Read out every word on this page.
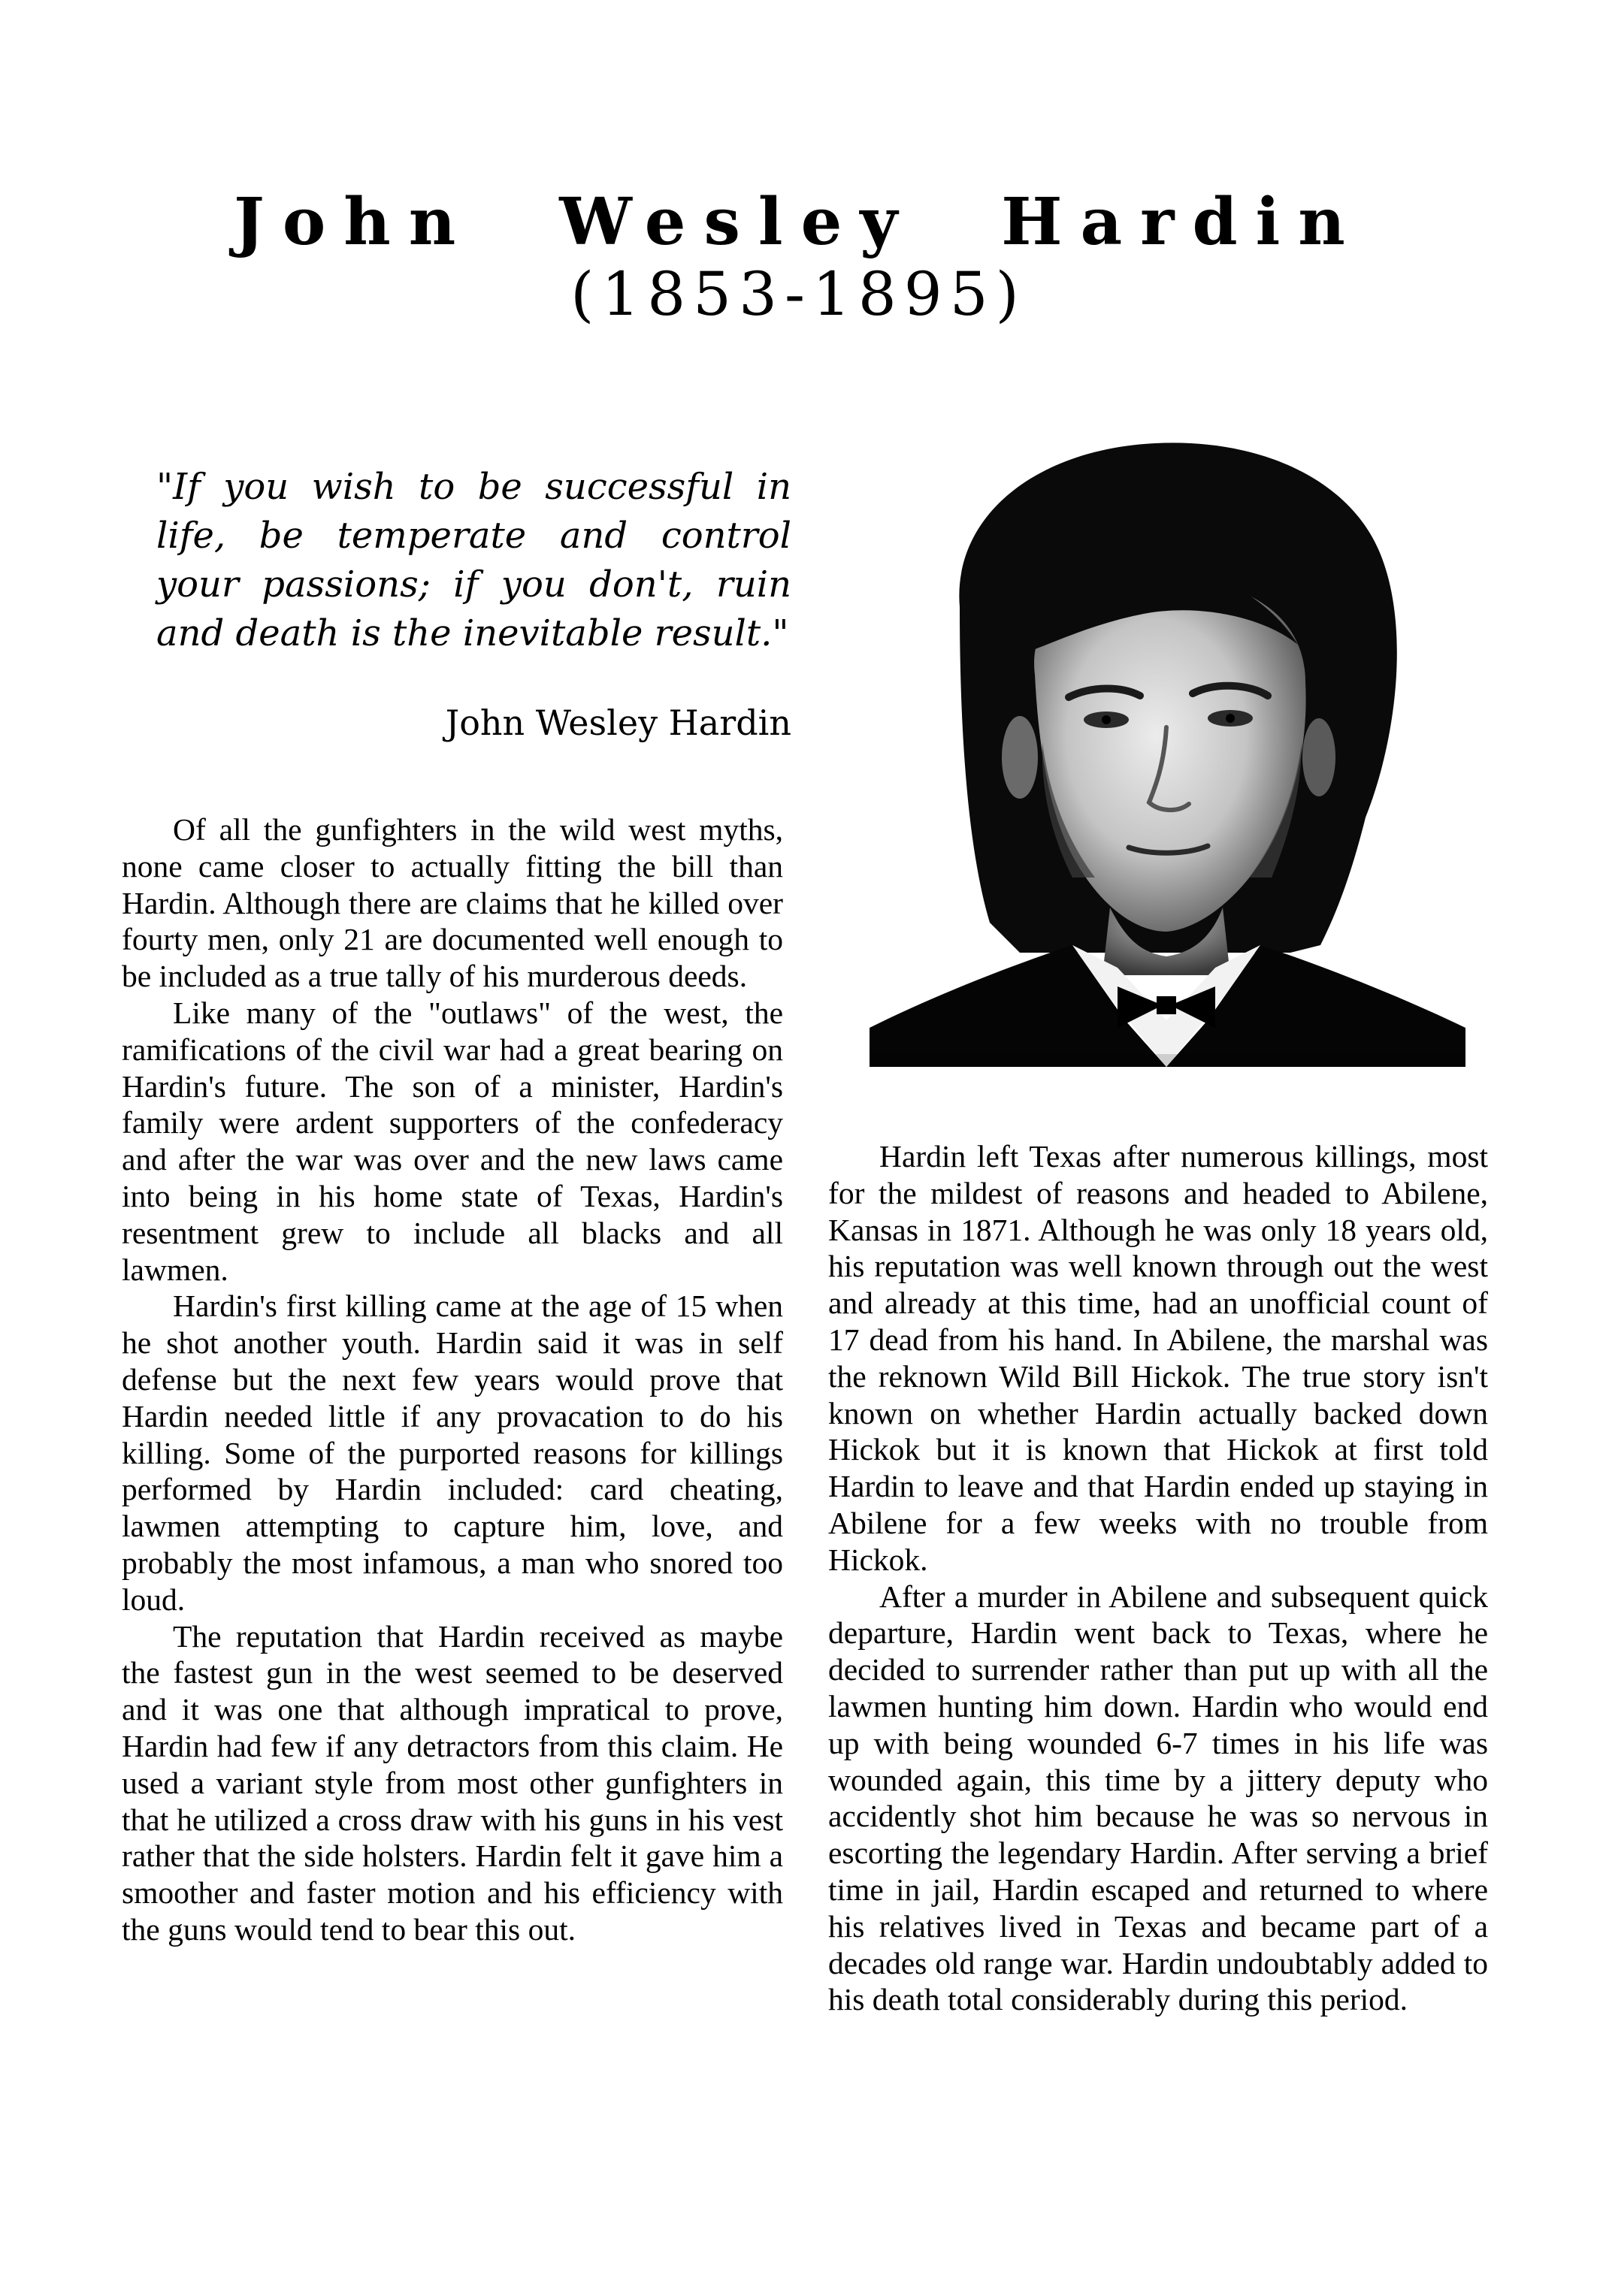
John Wesley Hardin
(1853-1895)

"If you wish to be successful in life, be temperate and control your passions; if you don't, ruin and death is the inevitable result."

John Wesley Hardin

Of all the gunfighters in the wild west myths, none came closer to actually fitting the bill than Hardin. Although there are claims that he killed over fourty men, only 21 are documented well enough to be included as a true tally of his murderous deeds.

Like many of the "outlaws" of the west, the ramifications of the civil war had a great bearing on Hardin's future. The son of a minister, Hardin's family were ardent supporters of the confederacy and after the war was over and the new laws came into being in his home state of Texas, Hardin's resentment grew to include all blacks and all lawmen.

Hardin's first killing came at the age of 15 when he shot another youth. Hardin said it was in self defense but the next few years would prove that Hardin needed little if any provacation to do his killing. Some of the purported reasons for killings performed by Hardin included: card cheating, lawmen attempting to capture him, love, and probably the most infamous, a man who snored too loud.

The reputation that Hardin received as maybe the fastest gun in the west seemed to be deserved and it was one that although impratical to prove, Hardin had few if any detractors from this claim. He used a variant style from most other gunfighters in that he utilized a cross draw with his guns in his vest rather that the side holsters. Hardin felt it gave him a smoother and faster motion and his efficiency with the guns would tend to bear this out.

Hardin left Texas after numerous killings, most for the mildest of reasons and headed to Abilene, Kansas in 1871. Although he was only 18 years old, his reputation was well known through out the west and already at this time, had an unofficial count of 17 dead from his hand. In Abilene, the marshal was the reknown Wild Bill Hickok. The true story isn't known on whether Hardin actually backed down Hickok but it is known that Hickok at first told Hardin to leave and that Hardin ended up staying in Abilene for a few weeks with no trouble from Hickok.

After a murder in Abilene and subsequent quick departure, Hardin went back to Texas, where he decided to surrender rather than put up with all the lawmen hunting him down. Hardin who would end up with being wounded 6-7 times in his life was wounded again, this time by a jittery deputy who accidently shot him because he was so nervous in escorting the legendary Hardin. After serving a brief time in jail, Hardin escaped and returned to where his relatives lived in Texas and became part of a decades old range war. Hardin undoubtably added to his death total considerably during this period.
